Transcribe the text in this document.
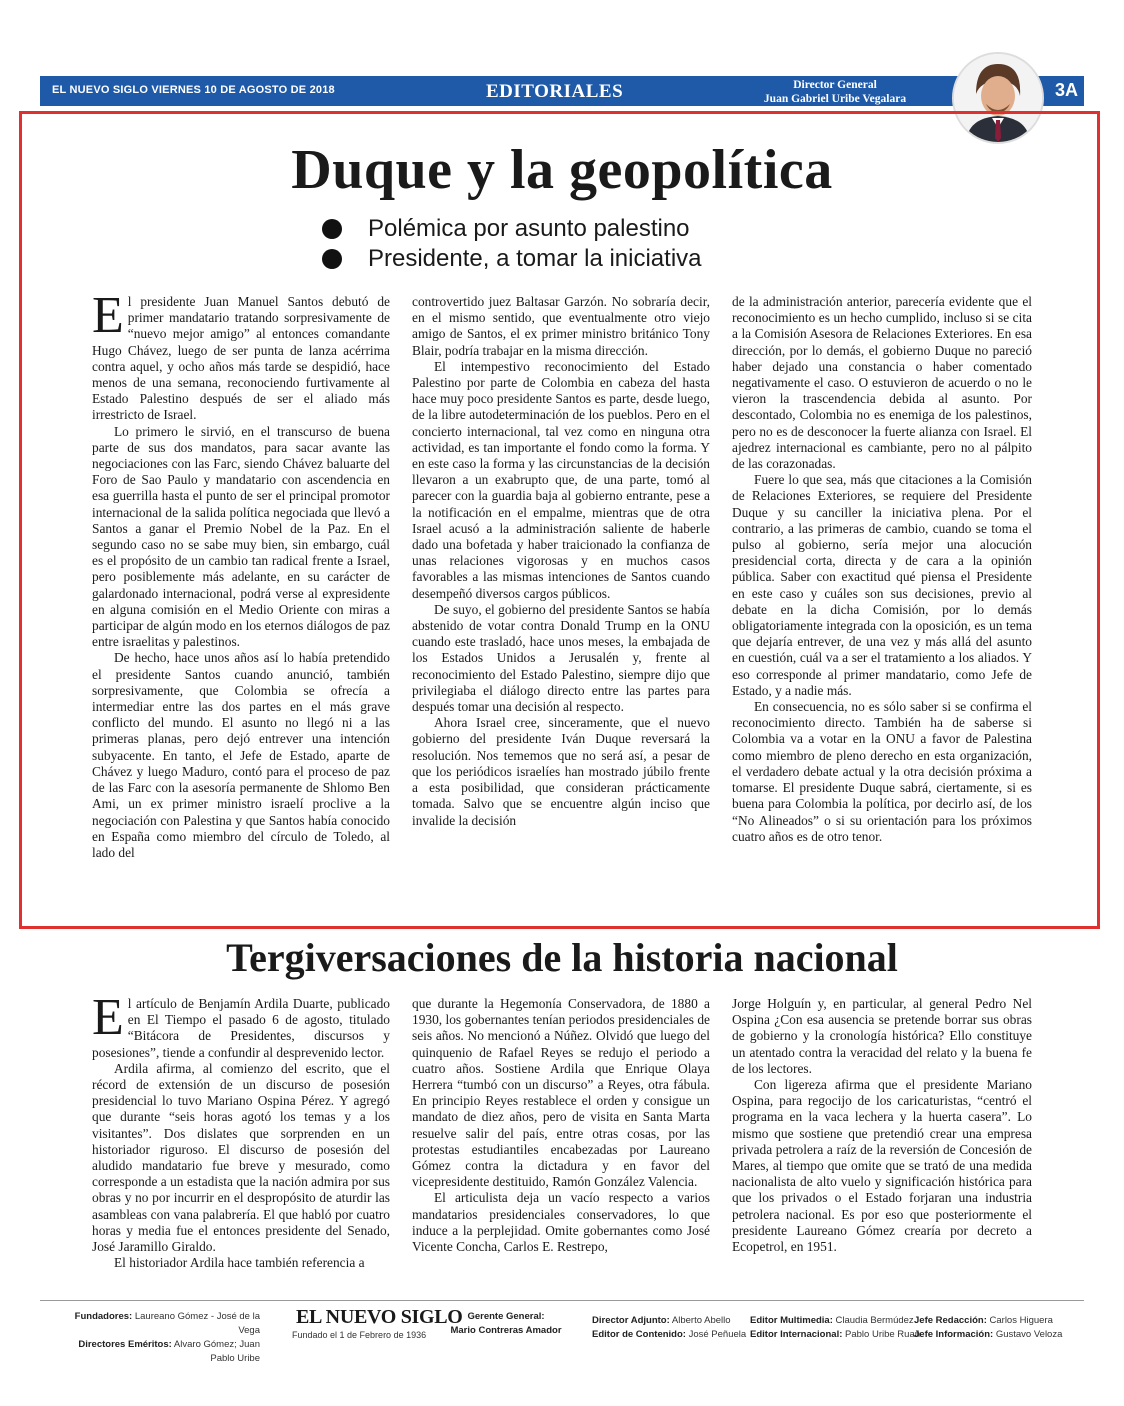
EL NUEVO SIGLO VIERNES 10 DE AGOSTO DE 2018	EDITORIALES	Director General
Juan Gabriel Uribe Vegalara	3A
Duque y la geopolítica
Polémica por asunto palestino
Presidente, a tomar la iniciativa

El presidente Juan Manuel Santos debutó de primer mandatario tratando sorpresivamente de “nuevo mejor amigo” al entonces comandante Hugo Chávez, luego de ser punta de lanza acérrima contra aquel, y ocho años más tarde se despidió, hace menos de una semana, reconociendo furtivamente al Estado Palestino después de ser el aliado más irrestricto de Israel.

Lo primero le sirvió, en el transcurso de buena parte de sus dos mandatos, para sacar avante las negociaciones con las Farc, siendo Chávez baluarte del Foro de Sao Paulo y mandatario con ascendencia en esa guerrilla hasta el punto de ser el principal promotor internacional de la salida política negociada que llevó a Santos a ganar el Premio Nobel de la Paz. En el segundo caso no se sabe muy bien, sin embargo, cuál es el propósito de un cambio tan radical frente a Israel, pero posiblemente más adelante, en su carácter de galardonado internacional, podrá verse al expresidente en alguna comisión en el Medio Oriente con miras a participar de algún modo en los eternos diálogos de paz entre israelitas y palestinos.

De hecho, hace unos años así lo había pretendido el presidente Santos cuando anunció, también sorpresivamente, que Colombia se ofrecía a intermediar entre las dos partes en el más grave conflicto del mundo. El asunto no llegó ni a las primeras planas, pero dejó entrever una intención subyacente. En tanto, el Jefe de Estado, aparte de Chávez y luego Maduro, contó para el proceso de paz de las Farc con la asesoría permanente de Shlomo Ben Ami, un ex primer ministro israelí proclive a la negociación con Palestina y que Santos había conocido en España como miembro del círculo de Toledo, al lado del

controvertido juez Baltasar Garzón. No sobraría decir, en el mismo sentido, que eventualmente otro viejo amigo de Santos, el ex primer ministro británico Tony Blair, podría trabajar en la misma dirección.

El intempestivo reconocimiento del Estado Palestino por parte de Colombia en cabeza del hasta hace muy poco presidente Santos es parte, desde luego, de la libre autodeterminación de los pueblos. Pero en el concierto internacional, tal vez como en ninguna otra actividad, es tan importante el fondo como la forma. Y en este caso la forma y las circunstancias de la decisión llevaron a un exabrupto que, de una parte, tomó al parecer con la guardia baja al gobierno entrante, pese a la notificación en el empalme, mientras que de otra Israel acusó a la administración saliente de haberle dado una bofetada y haber traicionado la confianza de unas relaciones vigorosas y en muchos casos favorables a las mismas intenciones de Santos cuando desempeñó diversos cargos públicos.

De suyo, el gobierno del presidente Santos se había abstenido de votar contra Donald Trump en la ONU cuando este trasladó, hace unos meses, la embajada de los Estados Unidos a Jerusalén y, frente al reconocimiento del Estado Palestino, siempre dijo que privilegiaba el diálogo directo entre las partes para después tomar una decisión al respecto.

Ahora Israel cree, sinceramente, que el nuevo gobierno del presidente Iván Duque reversará la resolución. Nos tememos que no será así, a pesar de que los periódicos israelíes han mostrado júbilo frente a esta posibilidad, que consideran prácticamente tomada. Salvo que se encuentre algún inciso que invalide la decisión

de la administración anterior, parecería evidente que el reconocimiento es un hecho cumplido, incluso si se cita a la Comisión Asesora de Relaciones Exteriores. En esa dirección, por lo demás, el gobierno Duque no pareció haber dejado una constancia o haber comentado negativamente el caso. O estuvieron de acuerdo o no le vieron la trascendencia debida al asunto. Por descontado, Colombia no es enemiga de los palestinos, pero no es de desconocer la fuerte alianza con Israel. El ajedrez internacional es cambiante, pero no al pálpito de las corazonadas.

Fuere lo que sea, más que citaciones a la Comisión de Relaciones Exteriores, se requiere del Presidente Duque y su canciller la iniciativa plena. Por el contrario, a las primeras de cambio, cuando se toma el pulso al gobierno, sería mejor una alocución presidencial corta, directa y de cara a la opinión pública. Saber con exactitud qué piensa el Presidente en este caso y cuáles son sus decisiones, previo al debate en la dicha Comisión, por lo demás obligatoriamente integrada con la oposición, es un tema que dejaría entrever, de una vez y más allá del asunto en cuestión, cuál va a ser el tratamiento a los aliados. Y eso corresponde al primer mandatario, como Jefe de Estado, y a nadie más.

En consecuencia, no es sólo saber si se confirma el reconocimiento directo. También ha de saberse si Colombia va a votar en la ONU a favor de Palestina como miembro de pleno derecho en esta organización, el verdadero debate actual y la otra decisión próxima a tomarse. El presidente Duque sabrá, ciertamente, si es buena para Colombia la política, por decirlo así, de los “No Alineados” o si su orientación para los próximos cuatro años es de otro tenor.

Tergiversaciones de la historia nacional

El artículo de Benjamín Ardila Duarte, publicado en El Tiempo el pasado 6 de agosto, titulado “Bitácora de Presidentes, discursos y posesiones”, tiende a confundir al desprevenido lector.

Ardila afirma, al comienzo del escrito, que el récord de extensión de un discurso de posesión presidencial lo tuvo Mariano Ospina Pérez. Y agregó que durante “seis horas agotó los temas y a los visitantes”. Dos dislates que sorprenden en un historiador riguroso. El discurso de posesión del aludido mandatario fue breve y mesurado, como corresponde a un estadista que la nación admira por sus obras y no por incurrir en el despropósito de aturdir las asambleas con vana palabrería. El que habló por cuatro horas y media fue el entonces presidente del Senado, José Jaramillo Giraldo.

El historiador Ardila hace también referencia a

que durante la Hegemonía Conservadora, de 1880 a 1930, los gobernantes tenían periodos presidenciales de seis años. No mencionó a Núñez. Olvidó que luego del quinquenio de Rafael Reyes se redujo el periodo a cuatro años. Sostiene Ardila que Enrique Olaya Herrera “tumbó con un discurso” a Reyes, otra fábula. En principio Reyes restablece el orden y consigue un mandato de diez años, pero de visita en Santa Marta resuelve salir del país, entre otras cosas, por las protestas estudiantiles encabezadas por Laureano Gómez contra la dictadura y en favor del vicepresidente destituido, Ramón González Valencia.

El articulista deja un vacío respecto a varios mandatarios presidenciales conservadores, lo que induce a la perplejidad. Omite gobernantes como José Vicente Concha, Carlos E. Restrepo,

Jorge Holguín y, en particular, al general Pedro Nel Ospina ¿Con esa ausencia se pretende borrar sus obras de gobierno y la cronología histórica? Ello constituye un atentado contra la veracidad del relato y la buena fe de los lectores.

Con ligereza afirma que el presidente Mariano Ospina, para regocijo de los caricaturistas, “centró el programa en la vaca lechera y la huerta casera”. Lo mismo que sostiene que pretendió crear una empresa privada petrolera a raíz de la reversión de Concesión de Mares, al tiempo que omite que se trató de una medida nacionalista de alto vuelo y significación histórica para que los privados o el Estado forjaran una industria petrolera nacional. Es por eso que posteriormente el presidente Laureano Gómez crearía por decreto a Ecopetrol, en 1951.

Fundadores: Laureano Gómez - José de la Vega
Directores Eméritos: Alvaro Gómez; Juan Pablo Uribe
EL NUEVO SIGLO
Fundado el 1 de Febrero de 1936
Gerente General:
Mario Contreras Amador
Director Adjunto: Alberto Abello
Editor de Contenido: José Peñuela
Editor Multimedia: Claudia Bermúdez
Editor Internacional: Pablo Uribe Ruan
Jefe Redacción: Carlos Higuera
Jefe Información: Gustavo Veloza
